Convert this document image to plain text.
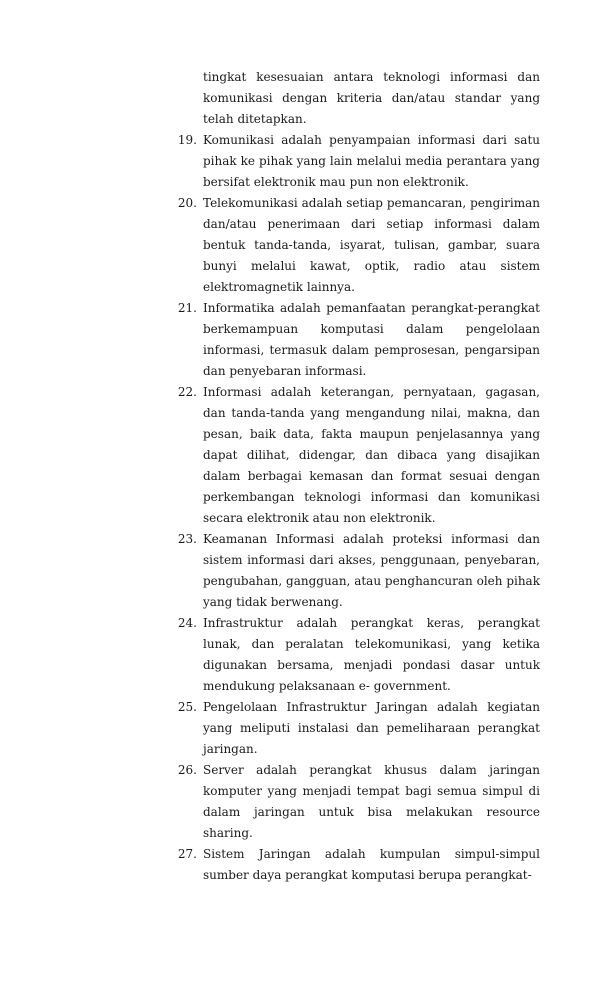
tingkat kesesuaian antara teknologi informasi dan komunikasi dengan kriteria dan/atau standar yang telah ditetapkan.

19. Komunikasi adalah penyampaian informasi dari satu pihak ke pihak yang lain melalui media perantara yang bersifat elektronik mau pun non elektronik.
20. Telekomunikasi adalah setiap pemancaran, pengiriman dan/atau penerimaan dari setiap informasi dalam bentuk tanda-tanda, isyarat, tulisan, gambar, suara bunyi melalui kawat, optik, radio atau sistem elektromagnetik lainnya.
21. Informatika adalah pemanfaatan perangkat-perangkat berkemampuan komputasi dalam pengelolaan informasi, termasuk dalam pemprosesan, pengarsipan dan penyebaran informasi.
22. Informasi adalah keterangan, pernyataan, gagasan, dan tanda-tanda yang mengandung nilai, makna, dan pesan, baik data, fakta maupun penjelasannya yang dapat dilihat, didengar, dan dibaca yang disajikan dalam berbagai kemasan dan format sesuai dengan perkembangan teknologi informasi dan komunikasi secara elektronik atau non elektronik.
23. Keamanan Informasi adalah proteksi informasi dan sistem informasi dari akses, penggunaan, penyebaran, pengubahan, gangguan, atau penghancuran oleh pihak yang tidak berwenang.
24. Infrastruktur adalah perangkat keras, perangkat lunak, dan peralatan telekomunikasi, yang ketika digunakan bersama, menjadi pondasi dasar untuk mendukung pelaksanaan e- government.
25. Pengelolaan Infrastruktur Jaringan adalah kegiatan yang meliputi instalasi dan pemeliharaan perangkat jaringan.
26. Server adalah perangkat khusus dalam jaringan komputer yang menjadi tempat bagi semua simpul di dalam jaringan untuk bisa melakukan resource sharing.
27. Sistem Jaringan adalah kumpulan simpul-simpul sumber daya perangkat komputasi berupa perangkat-
